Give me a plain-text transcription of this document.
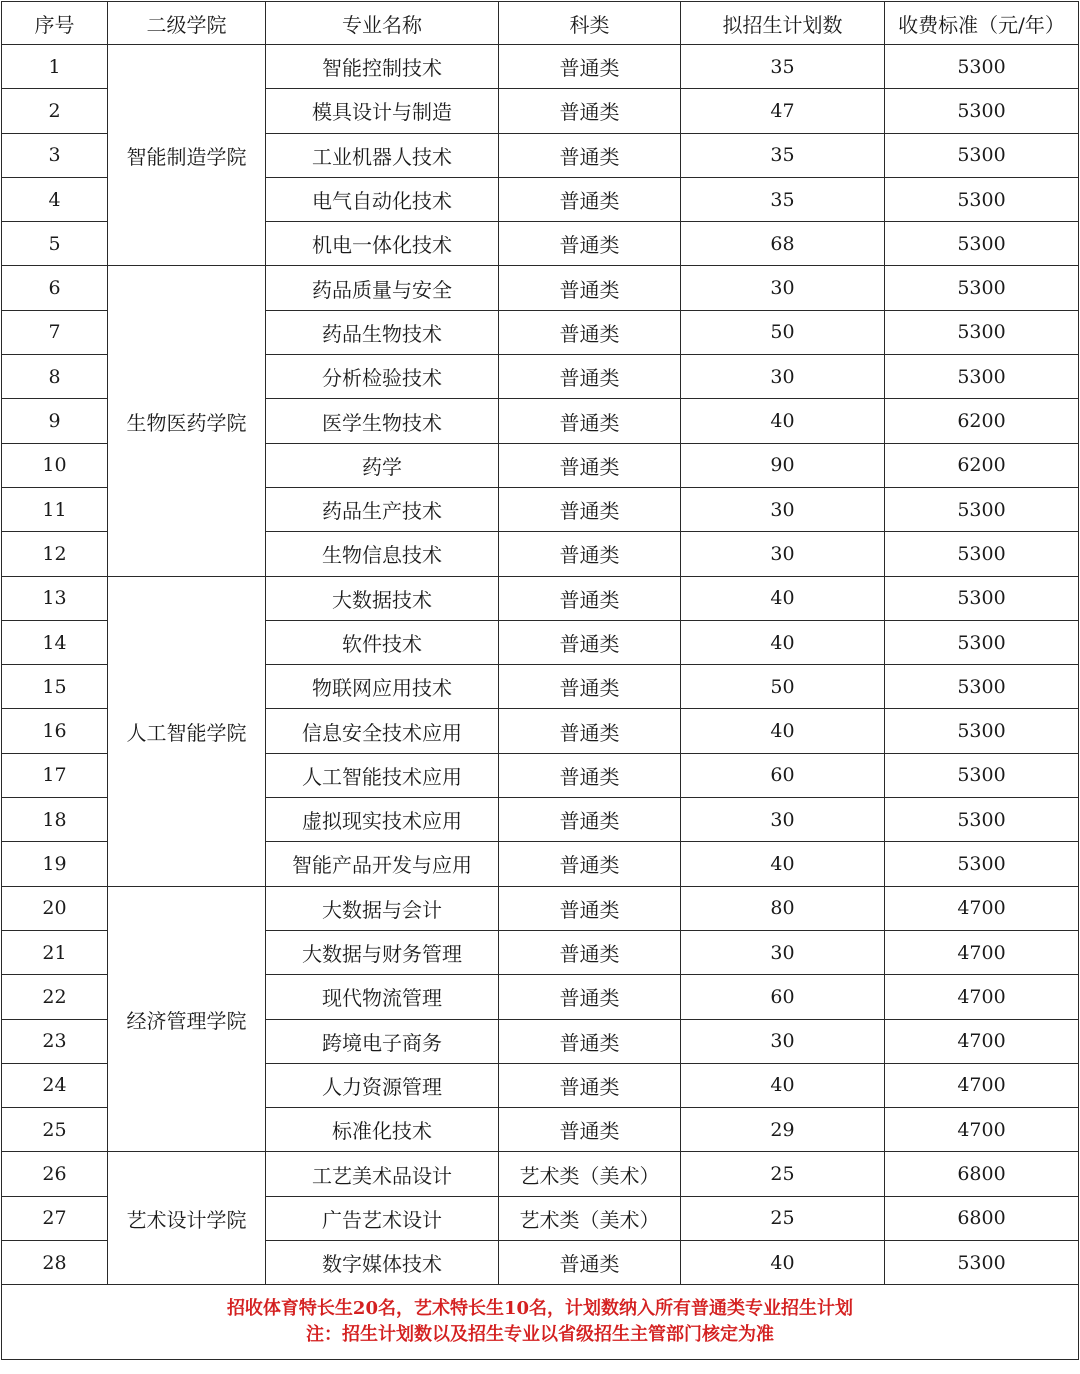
序号	二级学院	专业名称	科类	拟招生计划数	收费标准（元/年）
1	智能制造学院	智能控制技术	普通类	35	5300
2		模具设计与制造	普通类	47	5300
3		工业机器人技术	普通类	35	5300
4		电气自动化技术	普通类	35	5300
5		机电一体化技术	普通类	68	5300
6	生物医药学院	药品质量与安全	普通类	30	5300
7		药品生物技术	普通类	50	5300
8		分析检验技术	普通类	30	5300
9		医学生物技术	普通类	40	6200
10		药学	普通类	90	6200
11		药品生产技术	普通类	30	5300
12		生物信息技术	普通类	30	5300
13	人工智能学院	大数据技术	普通类	40	5300
14		软件技术	普通类	40	5300
15		物联网应用技术	普通类	50	5300
16		信息安全技术应用	普通类	40	5300
17		人工智能技术应用	普通类	60	5300
18		虚拟现实技术应用	普通类	30	5300
19		智能产品开发与应用	普通类	40	5300
20	经济管理学院	大数据与会计	普通类	80	4700
21		大数据与财务管理	普通类	30	4700
22		现代物流管理	普通类	60	4700
23		跨境电子商务	普通类	30	4700
24		人力资源管理	普通类	40	4700
25		标准化技术	普通类	29	4700
26	艺术设计学院	工艺美术品设计	艺术类（美术）	25	6800
27		广告艺术设计	艺术类（美术）	25	6800
28		数字媒体技术	普通类	40	5300

招收体育特长生20名，艺术特长生10名，计划数纳入所有普通类专业招生计划
注：招生计划数以及招生专业以省级招生主管部门核定为准					
